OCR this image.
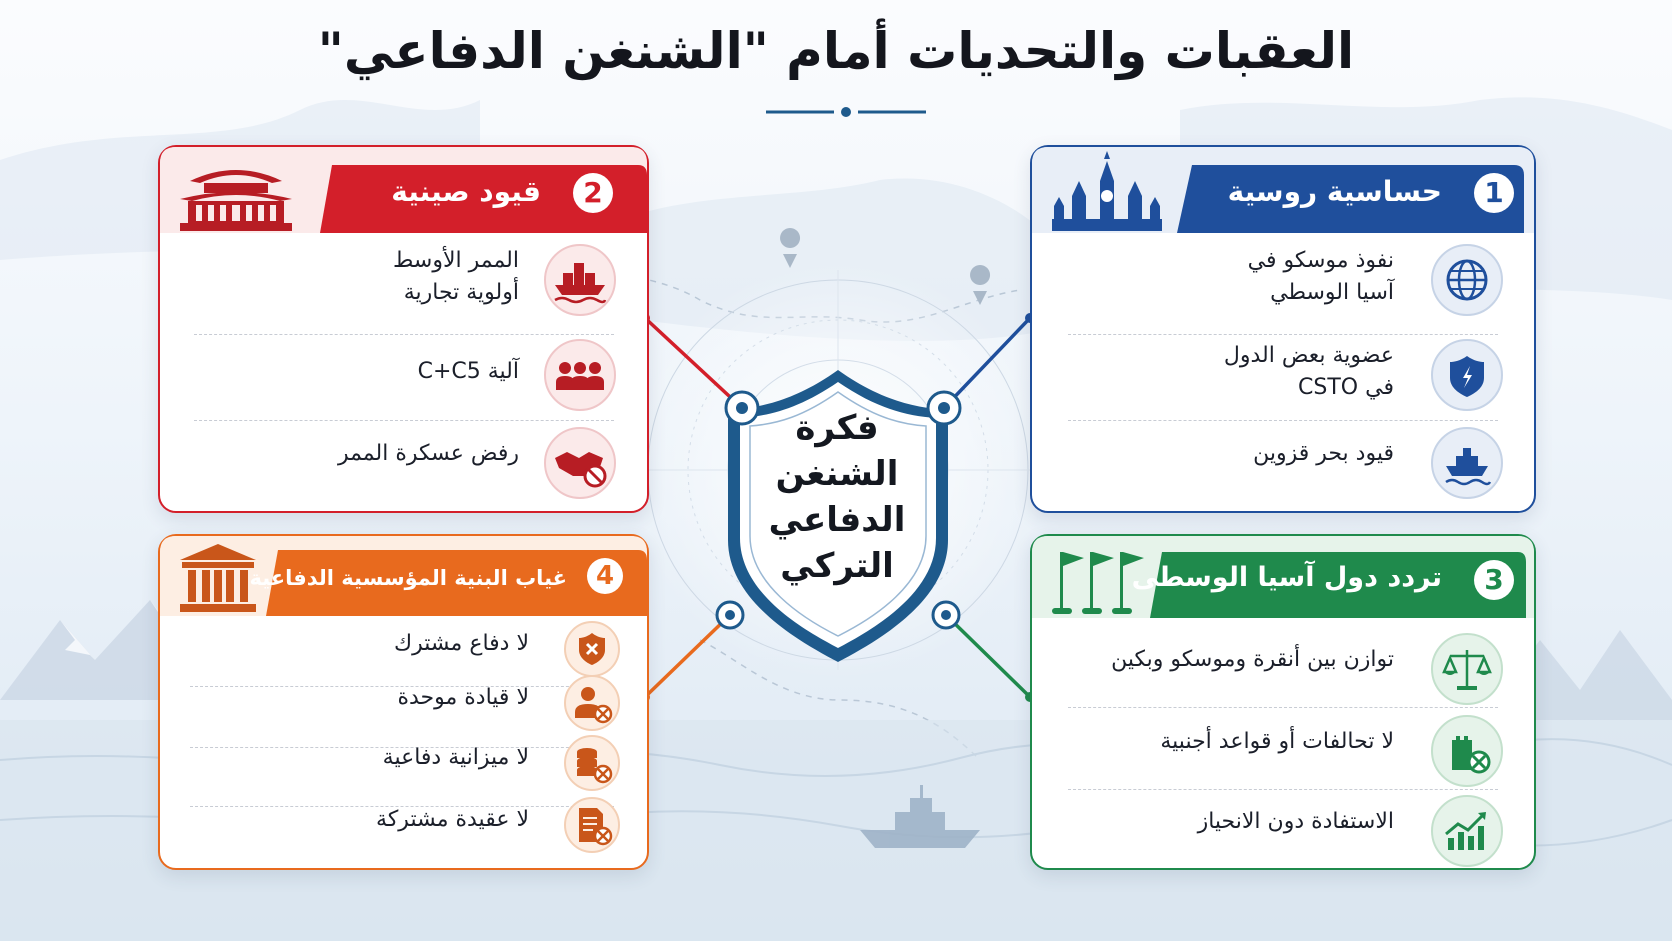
العقبات والتحديات أمام "الشنغن الدفاعي"
فكرة
الشنغن
الدفاعي
التركي
حساسية روسية	1
نفوذ موسكو في
آسيا الوسطي
عضوية بعض الدول
في CSTO
قيود بحر قزوين
قيود صينية	2
الممر الأوسط
أولوية تجارية
آلية C+C5
رفض عسكرة الممر
تردد دول آسيا الوسطى	3
توازن بين أنقرة وموسكو وبكين
لا تحالفات أو قواعد أجنبية
الاستفادة دون الانحياز
غياب البنية المؤسسية الدفاعية	4
لا دفاع مشترك
لا قيادة موحدة
لا ميزانية دفاعية
لا عقيدة مشتركة
